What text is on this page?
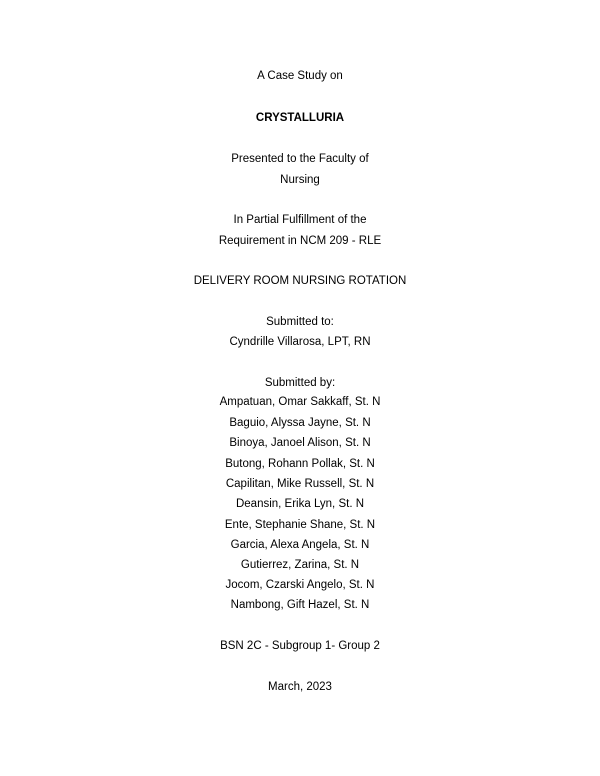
A Case Study on
CRYSTALLURIA
Presented to the Faculty of
Nursing
In Partial Fulfillment of the
Requirement in NCM 209 - RLE
DELIVERY ROOM NURSING ROTATION
Submitted to:
Cyndrille Villarosa, LPT, RN
Submitted by:
Ampatuan, Omar Sakkaff, St. N
Baguio, Alyssa Jayne, St. N
Binoya, Janoel Alison, St. N
Butong, Rohann Pollak, St. N
Capilitan, Mike Russell, St. N
Deansin, Erika Lyn, St. N
Ente, Stephanie Shane, St. N
Garcia, Alexa Angela, St. N
Gutierrez, Zarina, St. N
Jocom, Czarski Angelo, St. N
Nambong, Gift Hazel, St. N
BSN 2C - Subgroup 1- Group 2
March, 2023
